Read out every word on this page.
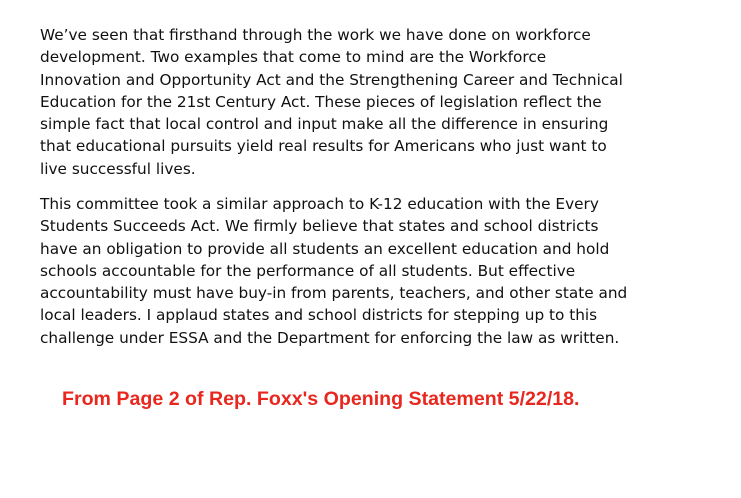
We’ve seen that firsthand through the work we have done on workforce
development. Two examples that come to mind are the Workforce
Innovation and Opportunity Act and the Strengthening Career and Technical
Education for the 21st Century Act. These pieces of legislation reflect the
simple fact that local control and input make all the difference in ensuring
that educational pursuits yield real results for Americans who just want to
live successful lives.

This committee took a similar approach to K-12 education with the Every
Students Succeeds Act. We firmly believe that states and school districts
have an obligation to provide all students an excellent education and hold
schools accountable for the performance of all students. But effective
accountability must have buy-in from parents, teachers, and other state and
local leaders. I applaud states and school districts for stepping up to this
challenge under ESSA and the Department for enforcing the law as written.

From Page 2 of Rep. Foxx's Opening Statement 5/22/18.
